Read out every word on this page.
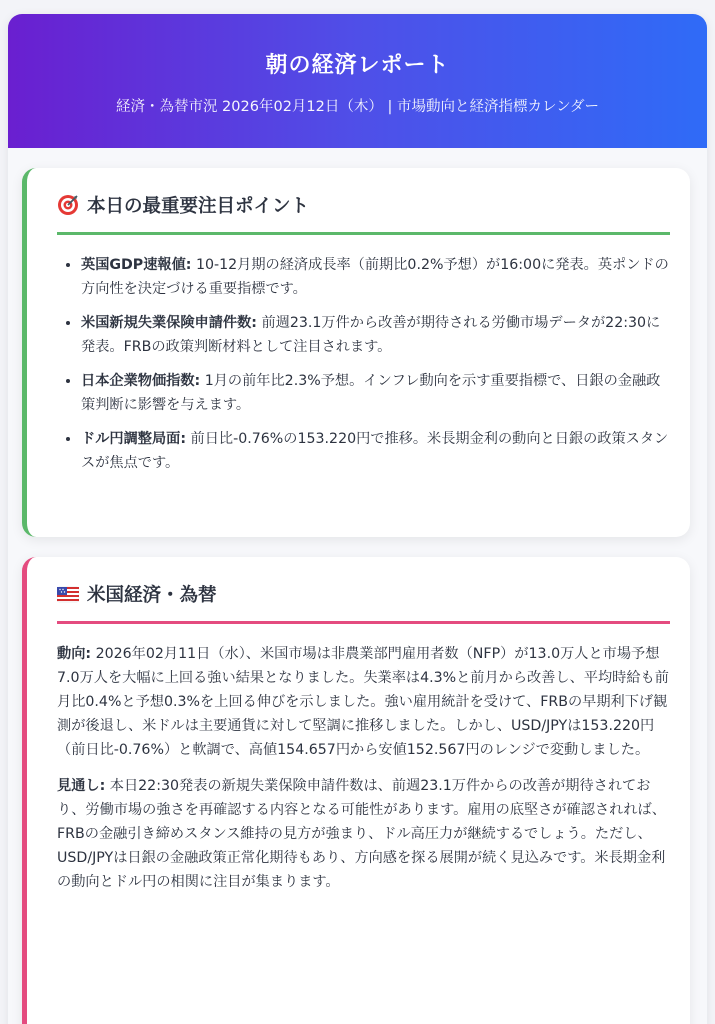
朝の経済レポート
経済・為替市況 2026年02月12日（木） | 市場動向と経済指標カレンダー
本日の最重要注目ポイント
• 英国GDP速報値: 10-12月期の経済成長率（前期比0.2%予想）が16:00に発表。英ポンドの方向性を決定づける重要指標です。
• 米国新規失業保険申請件数: 前週23.1万件から改善が期待される労働市場データが22:30に発表。FRBの政策判断材料として注目されます。
• 日本企業物価指数: 1月の前年比2.3%予想。インフレ動向を示す重要指標で、日銀の金融政策判断に影響を与えます。
• ドル円調整局面: 前日比-0.76%の153.220円で推移。米長期金利の動向と日銀の政策スタンスが焦点です。
米国経済・為替

動向: 2026年02月11日（水）、米国市場は非農業部門雇用者数（NFP）が13.0万人と市場予想7.0万人を大幅に上回る強い結果となりました。失業率は4.3%と前月から改善し、平均時給も前月比0.4%と予想0.3%を上回る伸びを示しました。強い雇用統計を受けて、FRBの早期利下げ観測が後退し、米ドルは主要通貨に対して堅調に推移しました。しかし、USD/JPYは153.220円（前日比-0.76%）と軟調で、高値154.657円から安値152.567円のレンジで変動しました。

見通し: 本日22:30発表の新規失業保険申請件数は、前週23.1万件からの改善が期待されており、労働市場の強さを再確認する内容となる可能性があります。雇用の底堅さが確認されれば、FRBの金融引き締めスタンス維持の見方が強まり、ドル高圧力が継続するでしょう。ただし、USD/JPYは日銀の金融政策正常化期待もあり、方向感を探る展開が続く見込みです。米長期金利の動向とドル円の相関に注目が集まります。
